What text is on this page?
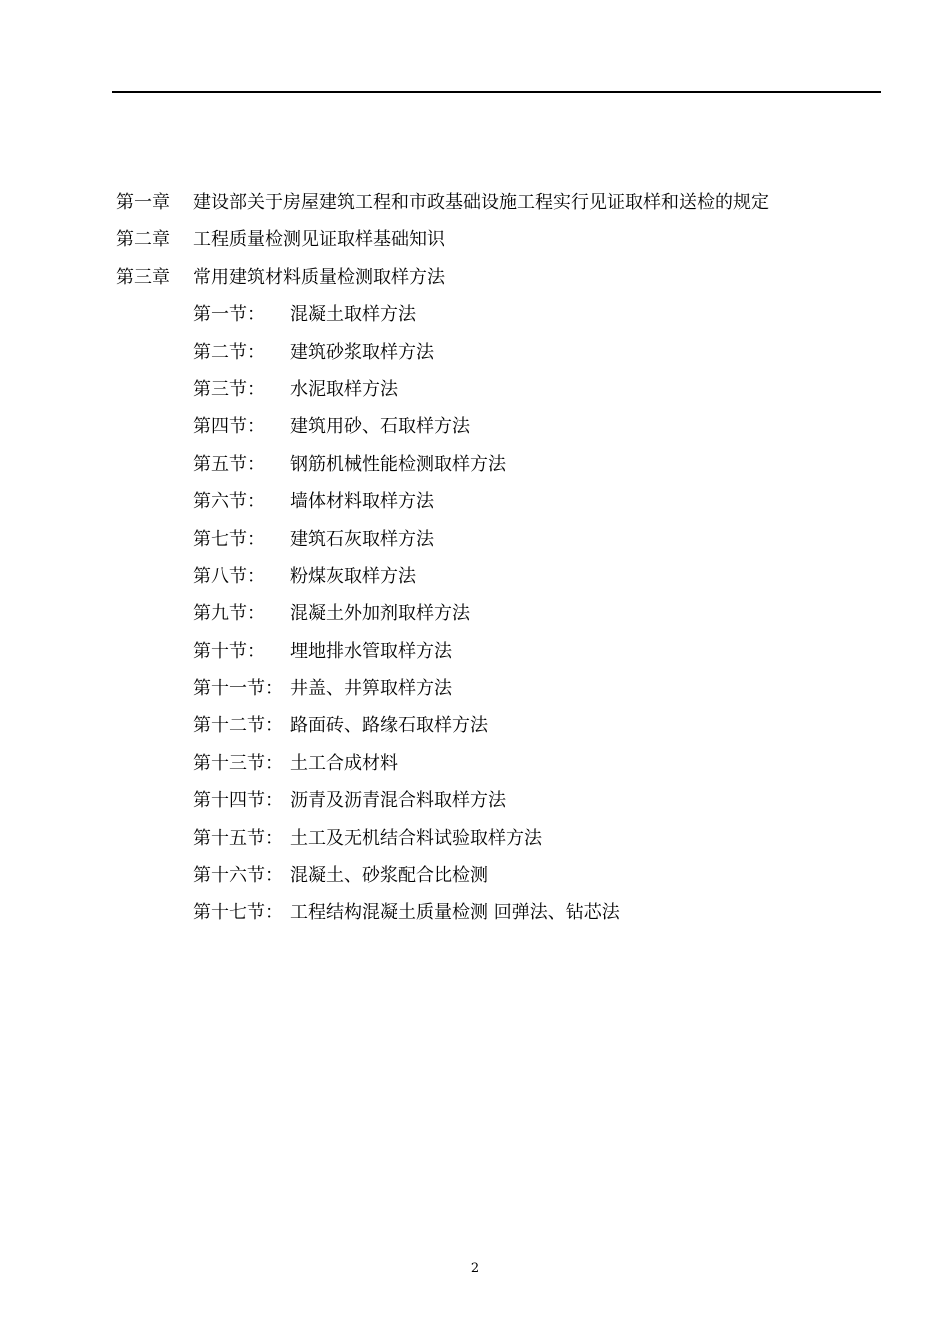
第一章 建设部关于房屋建筑工程和市政基础设施工程实行见证取样和送检的规定
第二章 工程质量检测见证取样基础知识
第三章 常用建筑材料质量检测取样方法
第一节： 混凝土取样方法
第二节： 建筑砂浆取样方法
第三节： 水泥取样方法
第四节： 建筑用砂、石取样方法
第五节： 钢筋机械性能检测取样方法
第六节： 墙体材料取样方法
第七节： 建筑石灰取样方法
第八节： 粉煤灰取样方法
第九节： 混凝土外加剂取样方法
第十节： 埋地排水管取样方法
第十一节： 井盖、井箅取样方法
第十二节： 路面砖、路缘石取样方法
第十三节： 土工合成材料
第十四节： 沥青及沥青混合料取样方法
第十五节： 土工及无机结合料试验取样方法
第十六节： 混凝土、砂浆配合比检测
第十七节： 工程结构混凝土质量检测 回弹法、钻芯法
2
